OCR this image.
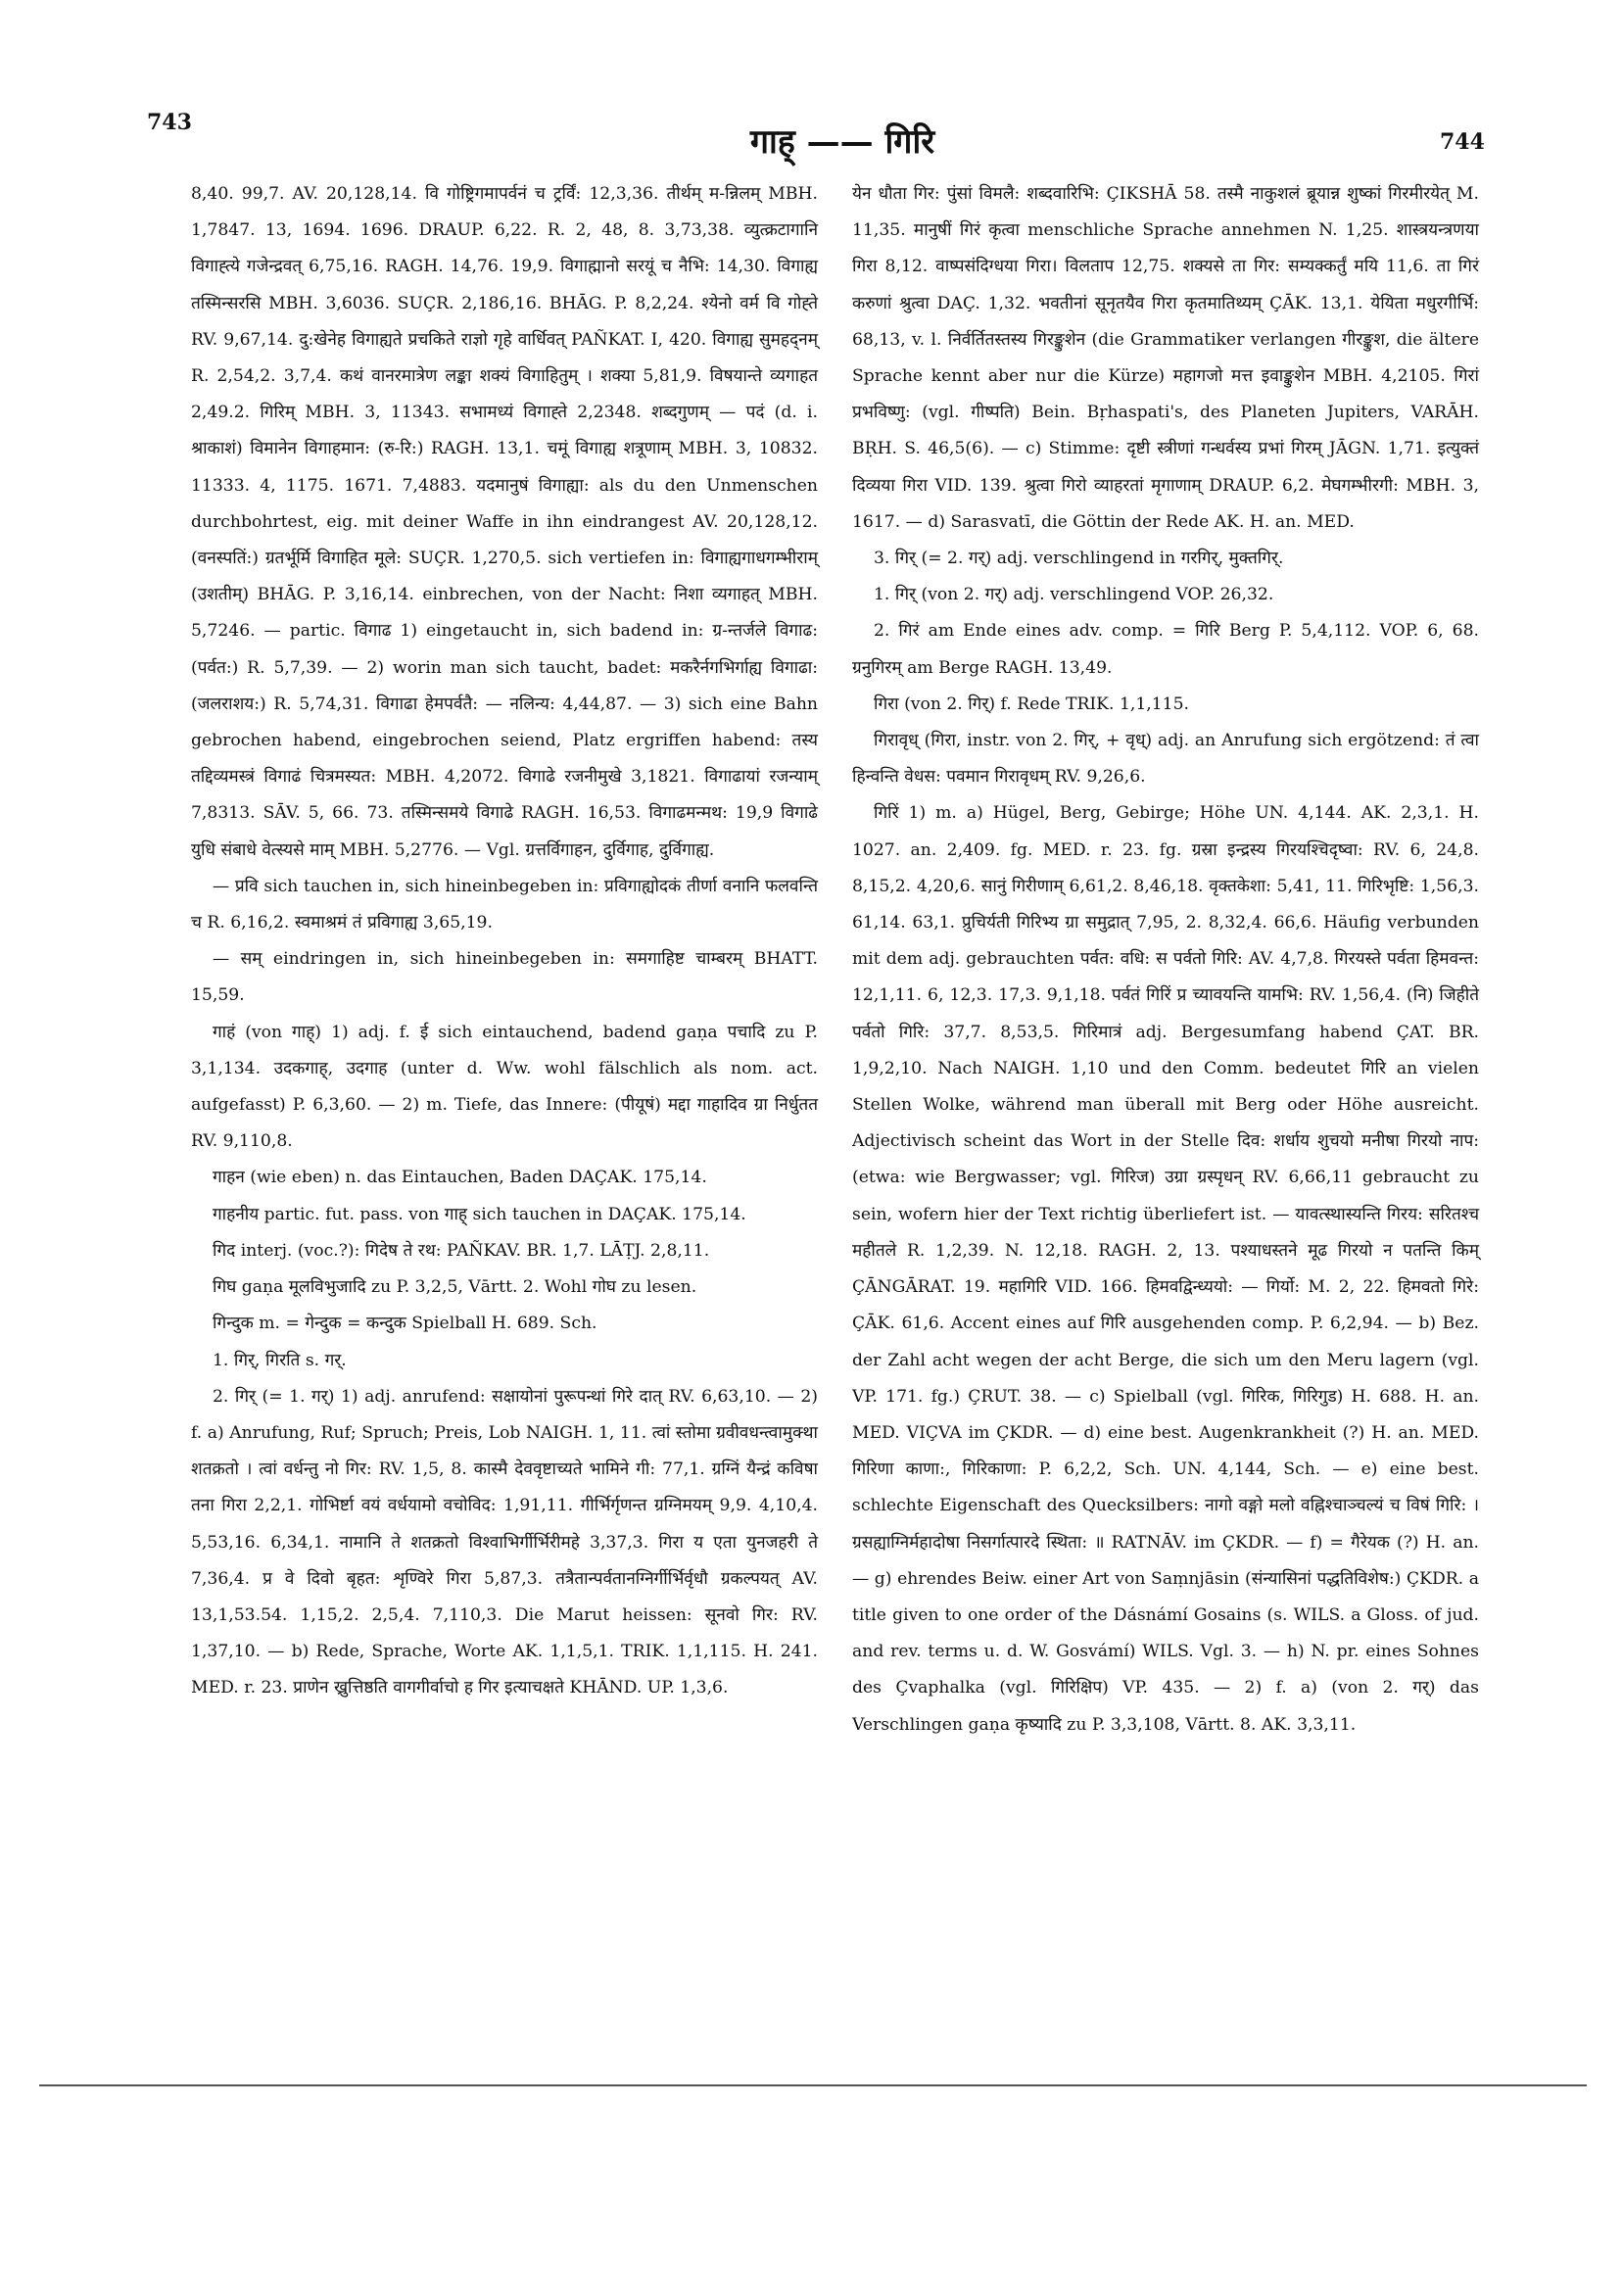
743	गाह् —— गिरि	744

8,40. 99,7. AV. 20,128,14. वि गोष्ट्रिगमापर्वनं च ट्रर्विं: 12,3,36. तीर्थम् म-न्निलम् MBH. 1,7847. 13, 1694. 1696. DRAUP. 6,22. R. 2, 48, 8. 3,73,38. व्युत्क्रटागानि विगाह्त्ये गजेन्द्रवत् 6,75,16. RAGH. 14,76. 19,9. विगाह्मानो सरयूं च नैभि: 14,30. विगाह्य तस्मिन्सरसि MBH. 3,6036. SUÇR. 2,186,16. BHĀG. P. 8,2,24. श्येनो वर्म वि गोह्ते RV. 9,67,14. दु:खेनेह विगाह्यते प्रचकिते राज्ञो गृहे वार्धिवत् PAÑKAT. I, 420. विगाह्य सुमहद्नम् R. 2,54,2. 3,7,4. कथं वानरमात्रेण लङ्का शक्यं विगाहितुम् । शक्या 5,81,9. विषयान्ते व्यगाहत 2,49.2. गिरिम् MBH. 3, 11343. सभामध्यं विगाह्ते 2,2348. शब्दगुणम् — पदं (d. i. श्राकाशं) विमानेन विगाहमान: (रु-रि:) RAGH. 13,1. चमूं विगाह्य शत्रूणाम् MBH. 3, 10832. 11333. 4, 1175. 1671. 7,4883. यदमानुषं विगाह्या: als du den Unmenschen durchbohrtest, eig. mit deiner Waffe in ihn eindrangest AV. 20,128,12. (वनस्पतिं:) ग्रतर्भूर्मि विगाहित मूले: SUÇR. 1,270,5. sich vertiefen in: विगाह्यगाधगम्भीराम् (उशतीम्) BHĀG. P. 3,16,14. einbrechen, von der Nacht: निशा व्यगाहत् MBH. 5,7246. — partic. विगाढ 1) eingetaucht in, sich badend in: ग्र-न्तर्जले विगाढ: (पर्वत:) R. 5,7,39. — 2) worin man sich taucht, badet: मकरैर्नगभिर्गाह्य विगाढा: (जलराशय:) R. 5,74,31. विगाढा हेमपर्वतै: — नलिन्य: 4,44,87. — 3) sich eine Bahn gebrochen habend, eingebrochen seiend, Platz ergriffen habend: तस्य तद्दिव्यमस्त्रं विगाढं चित्रमस्यत: MBH. 4,2072. विगाढे रजनीमुखे 3,1821. विगाढायां रजन्याम् 7,8313. SĀV. 5, 66. 73. तस्मिन्समये विगाढे RAGH. 16,53. विगाढमन्मथ: 19,9 विगाढे युधि संबाधे वेत्स्यसे माम् MBH. 5,2776. — Vgl. ग्रत्तर्विगाहन, दुर्विगाह, दुर्विगाह्य.

— प्रवि sich tauchen in, sich hineinbegeben in: प्रविगाह्योदकं तीर्णा वनानि फलवन्ति च R. 6,16,2. स्वमाश्रमं तं प्रविगाह्य 3,65,19.

— सम् eindringen in, sich hineinbegeben in: समगाहिष्ट चाम्बरम् BHATT. 15,59.

गाहं (von गाह्) 1) adj. f. ई sich eintauchend, badend gaṇa पचादि zu P. 3,1,134. उदकगाह्, उदगाह (unter d. Ww. wohl fälschlich als nom. act. aufgefasst) P. 6,3,60. — 2) m. Tiefe, das Innere: (पीयूषं) मद्दा गाहादिव ग्रा निर्धुतत RV. 9,110,8.

गाहन (wie eben) n. das Eintauchen, Baden DAÇAK. 175,14.

गाहनीय partic. fut. pass. von गाह् sich tauchen in DAÇAK. 175,14.

गिद interj. (voc.?): गिदेष ते रथ: PAÑKAV. BR. 1,7. LĀṬJ. 2,8,11.

गिघ gaṇa मूलविभुजादि zu P. 3,2,5, Vārtt. 2. Wohl गोघ zu lesen.

गिन्दुक m. = गेन्दुक = कन्दुक Spielball H. 689. Sch.

1. गिर्, गिरति s. गर्.

2. गिर् (= 1. गर्) 1) adj. anrufend: सक्षायोनां पुरूपन्थां गिरे दात् RV. 6,63,10. — 2) f. a) Anrufung, Ruf; Spruch; Preis, Lob NAIGH. 1, 11. त्वां स्तोमा ग्रवीवधन्त्वामुक्था शतक्रतो । त्वां वर्धन्तु नो गिर: RV. 1,5, 8. कास्मै देववृष्टाच्यते भामिने गी: 77,1. ग्रग्निं यैन्द्रं कविषा तना गिरा 2,2,1. गोभिर्ष्टा वयं वर्धयामो वचोविद: 1,91,11. गीर्भिर्गृणन्त ग्रग्निमयम् 9,9. 4,10,4. 5,53,16. 6,34,1. नामानि ते शतक्रतो विश्वाभिर्गीर्भिरीमहे 3,37,3. गिरा य एता युनजहरी ते 7,36,4. प्र वे दिवो बृहत: शृण्विरे गिरा 5,87,3. तत्रैतान्पर्वतानग्निर्गीर्भिर्वृधौ ग्रकल्पयत् AV. 13,1,53.54. 1,15,2. 2,5,4. 7,110,3. Die Marut heissen: सूनवो गिर: RV. 1,37,10. — b) Rede, Sprache, Worte AK. 1,1,5,1. TRIK. 1,1,115. H. 241. MED. r. 23. प्राणेन ख्रुत्तिष्ठति वागगीर्वाचो ह गिर इत्याचक्षते KHĀND. UP. 1,3,6.

येन धौता गिर: पुंसां विमलै: शब्दवारिभि: ÇIKSHĀ 58. तस्मै नाकुशलं ब्रूयान्न शुष्कां गिरमीरयेत् M. 11,35. मानुषीं गिरं कृत्वा menschliche Sprache annehmen N. 1,25. शास्त्रयन्त्रणया गिरा 8,12. वाष्पसंदिग्धया गिरा। विलताप 12,75. शक्यसे ता गिर: सम्यक्कर्तुं मयि 11,6. ता गिरं करुणां श्रुत्वा DAÇ. 1,32. भवतीनां सूनृतयैव गिरा कृतमातिथ्यम् ÇĀK. 13,1. येयिता मधुरगीर्भि: 68,13, v. l. निर्वर्तितस्तस्य गिरङ्कुशेन (die Grammatiker verlangen गीरङ्कुश, die ältere Sprache kennt aber nur die Kürze) महागजो मत्त इवाङ्कुशेन MBH. 4,2105. गिरां प्रभविष्णु: (vgl. गीष्पति) Bein. Bṛhaspati's, des Planeten Jupiters, VARĀH. BṚH. S. 46,5(6). — c) Stimme: दृष्टी स्त्रीणां गन्धर्वस्य प्रभां गिरम् JĀGN. 1,71. इत्युक्तं दिव्यया गिरा VID. 139. श्रुत्वा गिरो व्याहरतां मृगाणाम् DRAUP. 6,2. मेघगम्भीरगी: MBH. 3, 1617. — d) Sarasvatī, die Göttin der Rede AK. H. an. MED.

3. गिर् (= 2. गर्) adj. verschlingend in गरगिर्, मुक्तगिर्.

1. गिर् (von 2. गर्) adj. verschlingend VOP. 26,32.

2. गिरं am Ende eines adv. comp. = गिरि Berg P. 5,4,112. VOP. 6, 68. ग्रनुगिरम् am Berge RAGH. 13,49.

गिरा (von 2. गिर्) f. Rede TRIK. 1,1,115.

गिरावृध् (गिरा, instr. von 2. गिर्, + वृध्) adj. an Anrufung sich ergötzend: तं त्वा हिन्वन्ति वेधस: पवमान गिरावृधम् RV. 9,26,6.

गिरिं 1) m. a) Hügel, Berg, Gebirge; Höhe UN. 4,144. AK. 2,3,1. H. 1027. an. 2,409. fg. MED. r. 23. fg. ग्रस्रा इन्द्रस्य गिरयश्चिदृष्वा: RV. 6, 24,8. 8,15,2. 4,20,6. सानुं गिरीणाम् 6,61,2. 8,46,18. वृक्तकेशा: 5,41, 11. गिरिभृष्टि: 1,56,3. 61,14. 63,1. प्रुचिर्यती गिरिभ्य ग्रा समुद्रात् 7,95, 2. 8,32,4. 66,6. Häufig verbunden mit dem adj. gebrauchten पर्वत: वधि: स पर्वतो गिरि: AV. 4,7,8. गिरयस्ते पर्वता हिमवन्त: 12,1,11. 6, 12,3. 17,3. 9,1,18. पर्वतं गिरिं प्र च्यावयन्ति यामभि: RV. 1,56,4. (नि) जिहीते पर्वतो गिरि: 37,7. 8,53,5. गिरिमात्रं adj. Bergesumfang habend ÇAT. BR. 1,9,2,10. Nach NAIGH. 1,10 und den Comm. bedeutet गिरि an vielen Stellen Wolke, während man überall mit Berg oder Höhe ausreicht. Adjectivisch scheint das Wort in der Stelle दिव: शर्धाय शुचयो मनीषा गिरयो नाप: (etwa: wie Bergwasser; vgl. गिरिज) उग्रा ग्रस्पृधन् RV. 6,66,11 gebraucht zu sein, wofern hier der Text richtig überliefert ist. — यावत्स्थास्यन्ति गिरय: सरितश्च महीतले R. 1,2,39. N. 12,18. RAGH. 2, 13. पश्याधस्तने मूढ गिरयो न पतन्ति किम् ÇĀNGĀRAT. 19. महागिरि VID. 166. हिमवद्विन्ध्ययो: — गिर्यो: M. 2, 22. हिमवतो गिरे: ÇĀK. 61,6. Accent eines auf गिरि ausgehenden comp. P. 6,2,94. — b) Bez. der Zahl acht wegen der acht Berge, die sich um den Meru lagern (vgl. VP. 171. fg.) ÇRUT. 38. — c) Spielball (vgl. गिरिक, गिरिगुड) H. 688. H. an. MED. VIÇVA im ÇKDR. — d) eine best. Augenkrankheit (?) H. an. MED. गिरिणा काणा:, गिरिकाणा: P. 6,2,2, Sch. UN. 4,144, Sch. — e) eine best. schlechte Eigenschaft des Quecksilbers: नागो वङ्गो मलो वह्निश्चाञ्चल्यं च विषं गिरि: । ग्रसह्याग्निर्महादोषा निसर्गात्पारदे स्थिता: ॥ RATNĀV. im ÇKDR. — f) = गैरेयक (?) H. an. — g) ehrendes Beiw. einer Art von Saṃnjāsin (संन्यासिनां पद्धतिविशेष:) ÇKDR. a title given to one order of the Dásnámí Gosains (s. WILS. a Gloss. of jud. and rev. terms u. d. W. Gosvámí) WILS. Vgl. 3. — h) N. pr. eines Sohnes des Çvaphalka (vgl. गिरिक्षिप) VP. 435. — 2) f. a) (von 2. गर्) das Verschlingen gaṇa कृष्यादि zu P. 3,3,108, Vārtt. 8. AK. 3,3,11.
